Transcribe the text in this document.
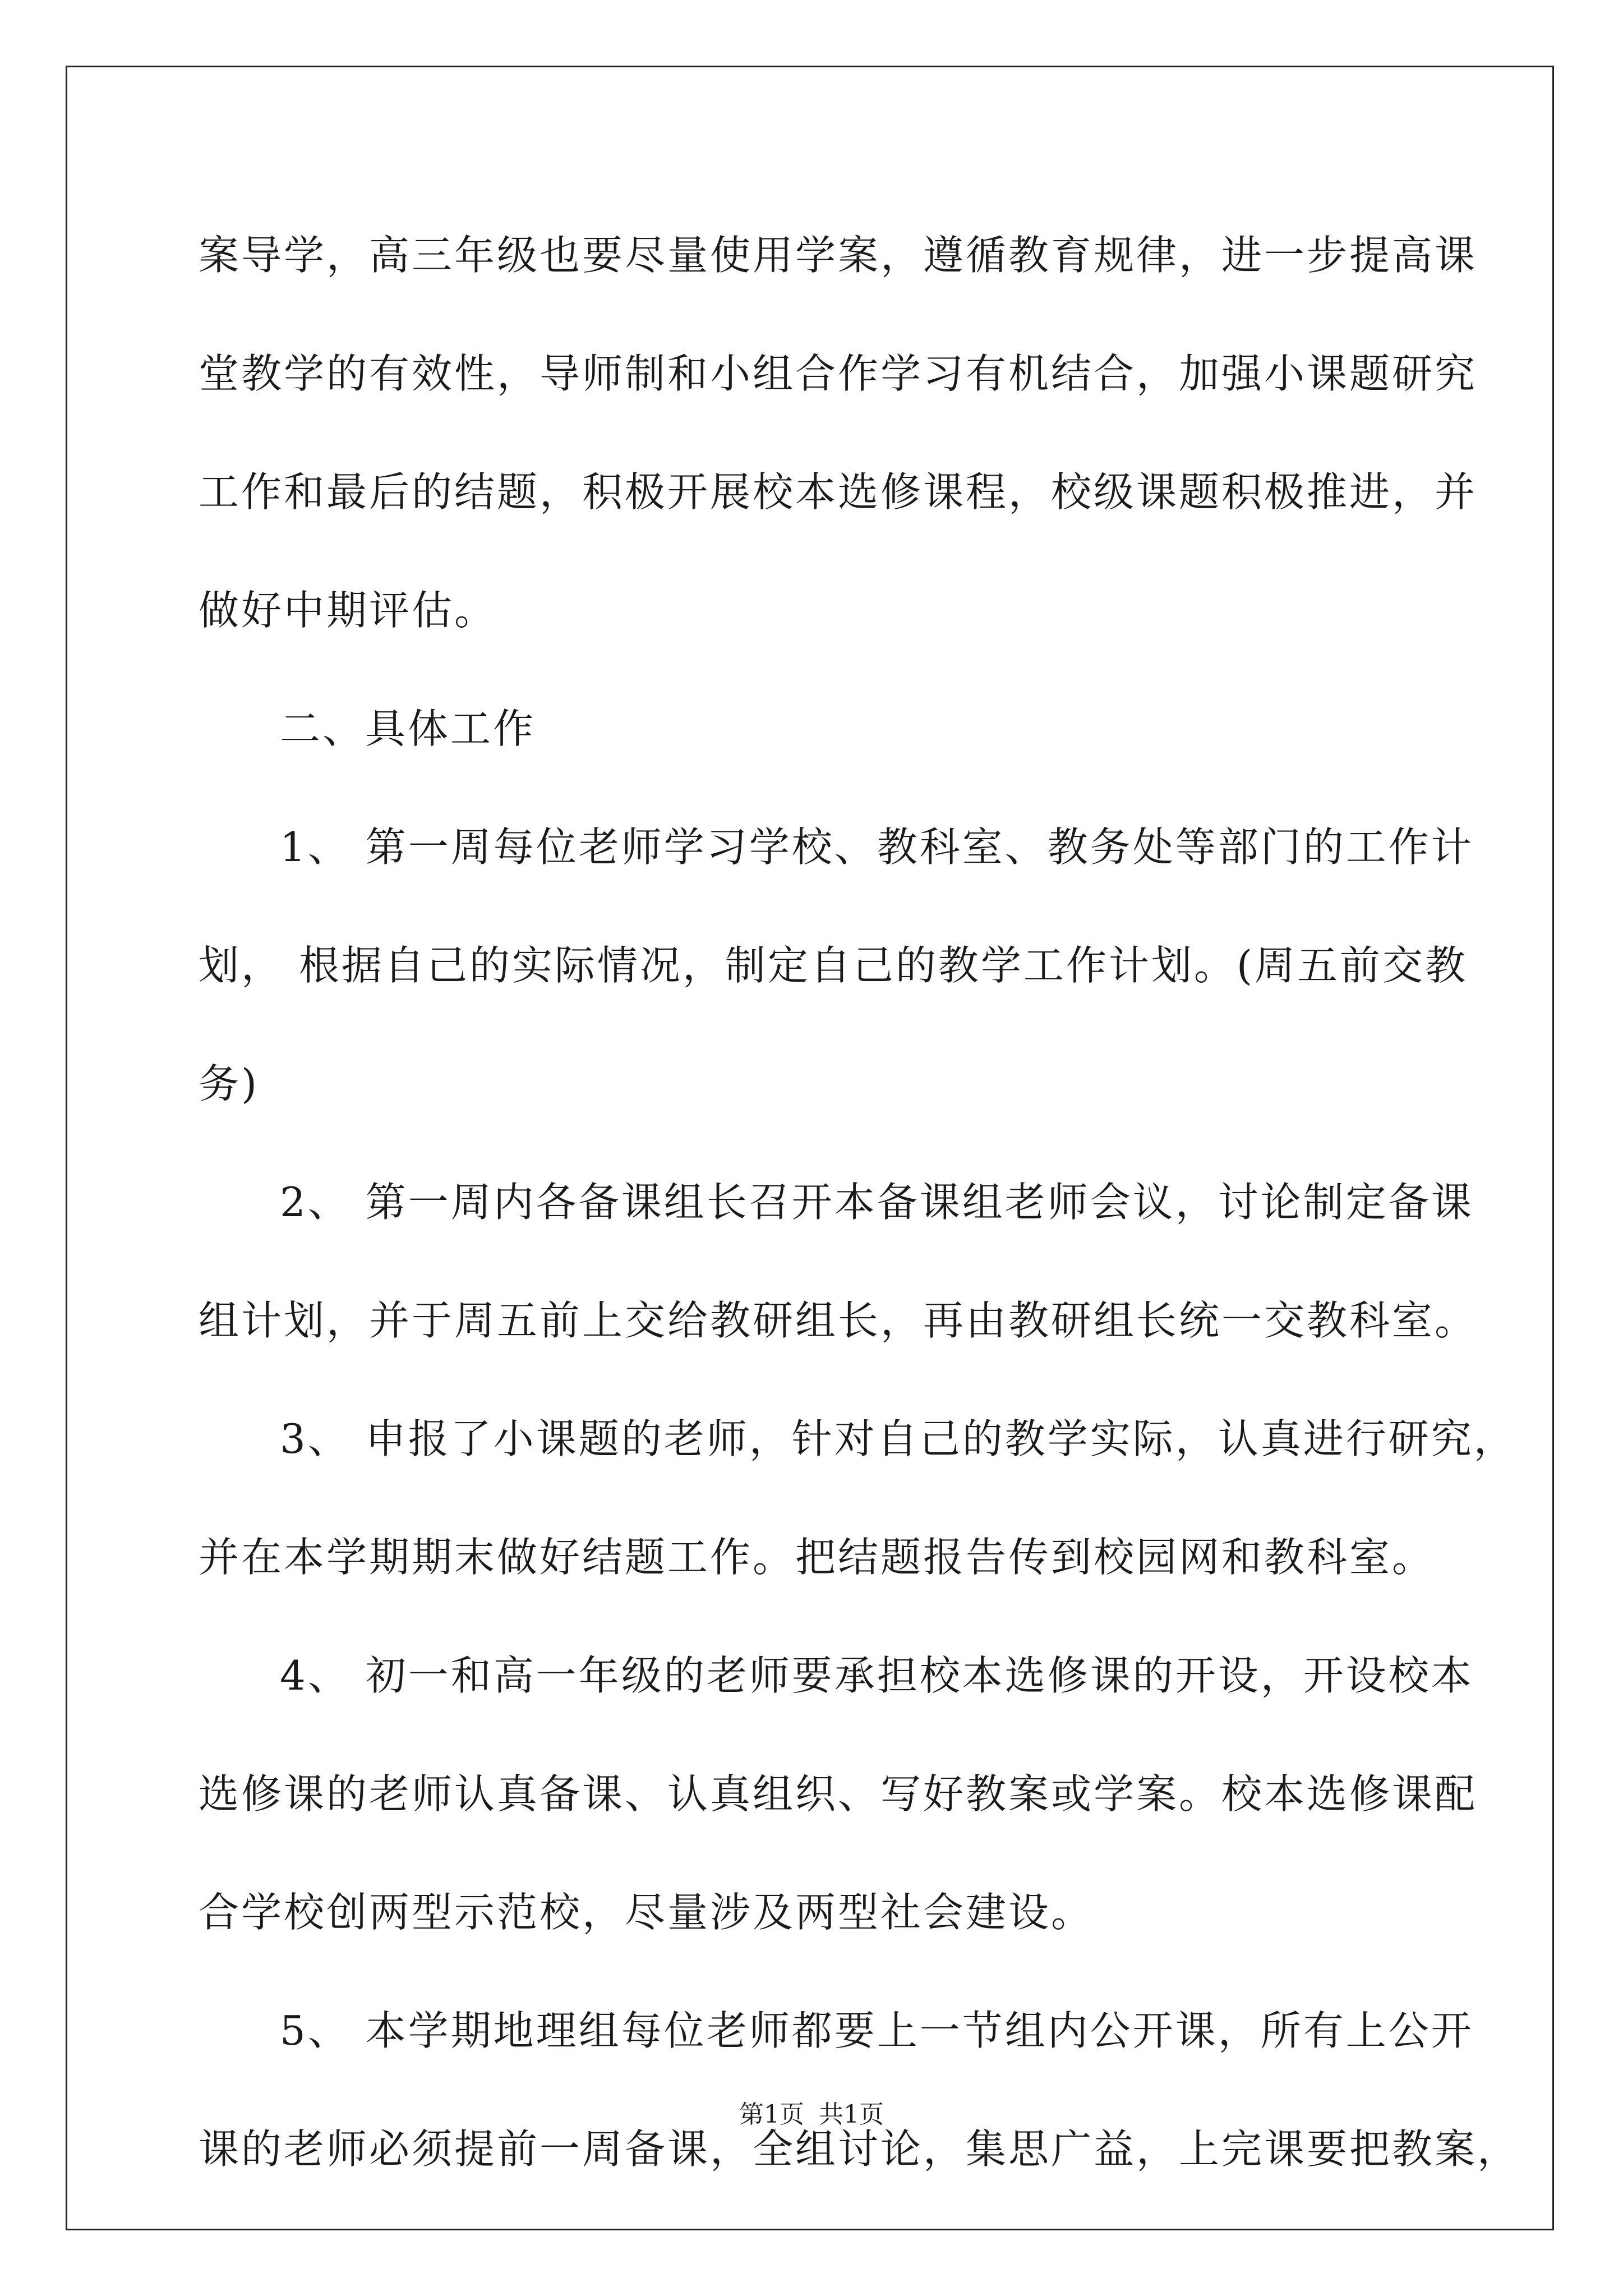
案导学，高三年级也要尽量使用学案，遵循教育规律，进一步提高课
堂教学的有效性，导师制和小组合作学习有机结合，加强小课题研究
工作和最后的结题，积极开展校本选修课程，校级课题积极推进，并
做好中期评估。
二、具体工作
1、 第一周每位老师学习学校、教科室、教务处等部门的工作计
划， 根据自己的实际情况，制定自己的教学工作计划。(周五前交教
务)
2、 第一周内各备课组长召开本备课组老师会议，讨论制定备课
组计划，并于周五前上交给教研组长，再由教研组长统一交教科室。
3、 申报了小课题的老师，针对自己的教学实际，认真进行研究，
并在本学期期末做好结题工作。把结题报告传到校园网和教科室。
4、 初一和高一年级的老师要承担校本选修课的开设，开设校本
选修课的老师认真备课、认真组织、写好教案或学案。校本选修课配
合学校创两型示范校，尽量涉及两型社会建设。
5、 本学期地理组每位老师都要上一节组内公开课，所有上公开
课的老师必须提前一周备课，全组讨论，集思广益，上完课要把教案，
第1页 共1页
